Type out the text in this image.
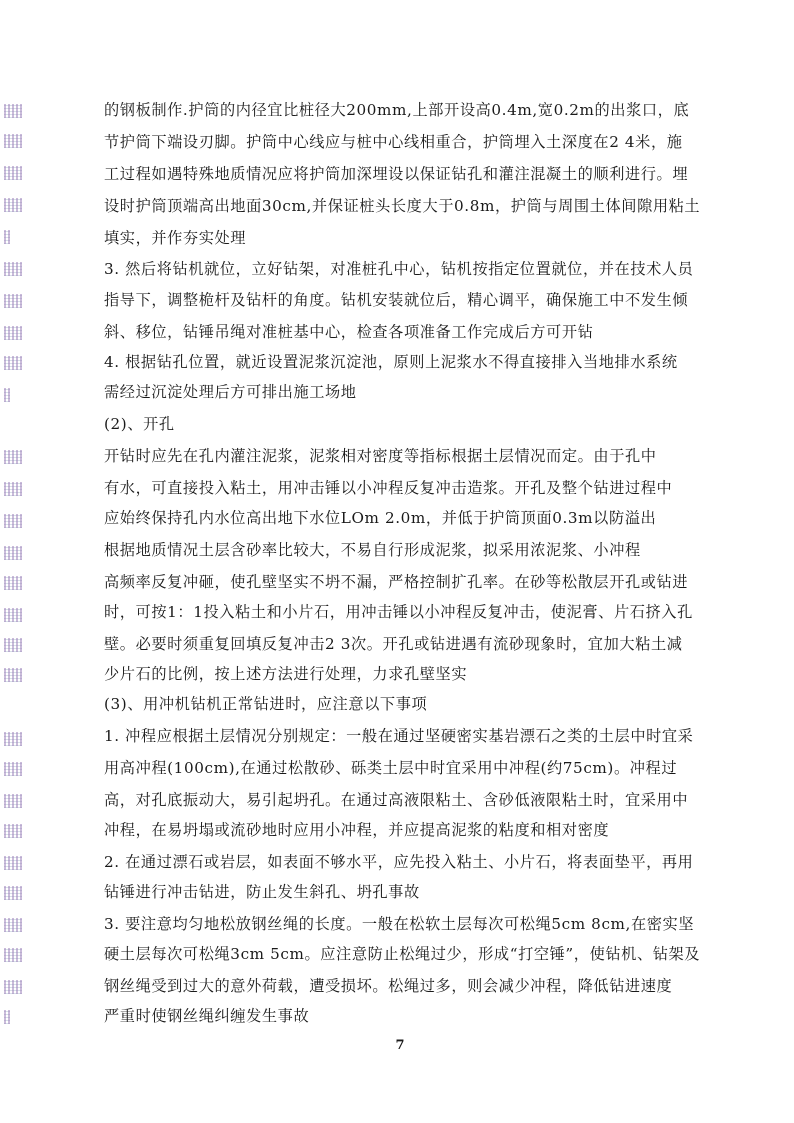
的钢板制作.护筒的内径宜比桩径大200mm,上部开设高0.4m,宽0.2m的出浆口，底
节护筒下端设刃脚。护筒中心线应与桩中心线相重合，护筒埋入土深度在2 4米，施
工过程如遇特殊地质情况应将护筒加深埋设以保证钻孔和灌注混凝土的顺利进行。埋
设时护筒顶端高出地面30cm,并保证桩头长度大于0.8m，护筒与周围土体间隙用粘土
填实，并作夯实处理
3. 然后将钻机就位，立好钻架，对准桩孔中心，钻机按指定位置就位，并在技术人员
指导下，调整桅杆及钻杆的角度。钻机安装就位后，精心调平，确保施工中不发生倾
斜、移位，钻锤吊绳对准桩基中心，检查各项准备工作完成后方可开钻
4. 根据钻孔位置，就近设置泥浆沉淀池，原则上泥浆水不得直接排入当地排水系统
需经过沉淀处理后方可排出施工场地
(2)、开孔
开钻时应先在孔内灌注泥浆，泥浆相对密度等指标根据土层情况而定。由于孔中
有水，可直接投入粘土，用冲击锤以小冲程反复冲击造浆。开孔及整个钻进过程中
应始终保持孔内水位高出地下水位LOm 2.0m，并低于护筒顶面0.3m以防溢出
根据地质情况土层含砂率比较大，不易自行形成泥浆，拟采用浓泥浆、小冲程
高频率反复冲砸，使孔壁坚实不坍不漏，严格控制扩孔率。在砂等松散层开孔或钻进
时，可按1：1投入粘土和小片石，用冲击锤以小冲程反复冲击，使泥膏、片石挤入孔
壁。必要时须重复回填反复冲击2 3次。开孔或钻进遇有流砂现象时，宜加大粘土减
少片石的比例，按上述方法进行处理，力求孔壁坚实
(3)、用冲机钻机正常钻进时，应注意以下事项
1. 冲程应根据土层情况分别规定：一般在通过坚硬密实基岩漂石之类的土层中时宜采
用高冲程(100cm),在通过松散砂、砾类土层中时宜采用中冲程(约75cm)。冲程过
高，对孔底振动大，易引起坍孔。在通过高液限粘土、含砂低液限粘土时，宜采用中
冲程，在易坍塌或流砂地时应用小冲程，并应提高泥浆的粘度和相对密度
2. 在通过漂石或岩层，如表面不够水平，应先投入粘土、小片石，将表面垫平，再用
钻锤进行冲击钻进，防止发生斜孔、坍孔事故
3. 要注意均匀地松放钢丝绳的长度。一般在松软土层每次可松绳5cm 8cm,在密实坚
硬土层每次可松绳3cm 5cm。应注意防止松绳过少，形成“打空锤”，使钻机、钻架及
钢丝绳受到过大的意外荷载，遭受损坏。松绳过多，则会减少冲程，降低钻进速度
严重时使钢丝绳纠缠发生事故
7
